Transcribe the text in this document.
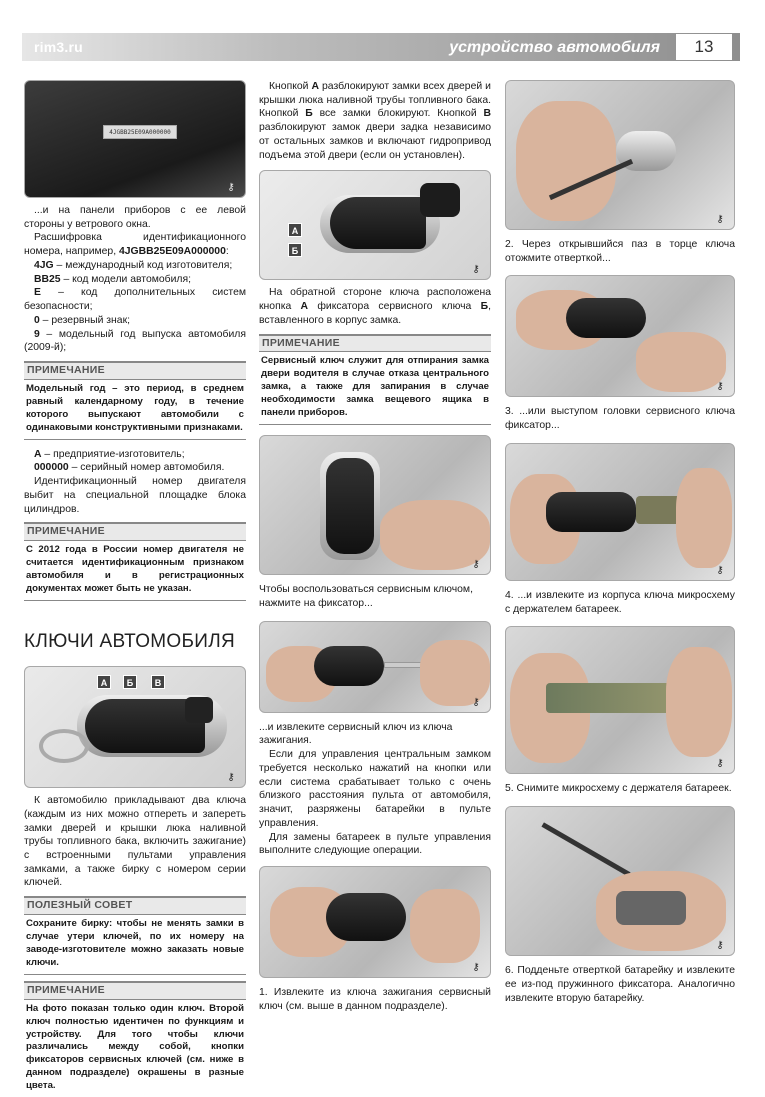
rim3.ru	устройство автомобиля	13
4JGBB25E09A000000
⚷

...и на панели приборов с ее левой стороны у ветрового окна.

Расшифровка идентификационного номера, например, 4JGBB25E09A000000:

4JG – международный код изготовителя;

BB25 – код модели автомобиля;

E – код дополнительных систем безопасности;

0 – резервный знак;

9 – модельный год выпуска автомобиля (2009-й);

ПРИМЕЧАНИЕ
Модельный год – это период, в среднем равный календарному году, в течение которого выпускают автомобили с одинаковыми конструктивными признаками.

A – предприятие-изготовитель;

000000 – серийный номер автомобиля.

Идентификационный номер двигателя выбит на специальной площадке блока цилиндров.

ПРИМЕЧАНИЕ
С 2012 года в России номер двигателя не считается идентификационным признаком автомобиля и в регистрационных документах может быть не указан.
КЛЮЧИ АВТОМОБИЛЯ
А	Б	В
⚷

К автомобилю прикладывают два ключа (каждым из них можно отпереть и запереть замки дверей и крышки люка наливной трубы топливного бака, включить зажигание) с встроенными пультами управления замками, а также бирку с номером серии ключей.

ПОЛЕЗНЫЙ СОВЕТ
Сохраните бирку: чтобы не менять замки в случае утери ключей, по их номеру на заводе-изготовителе можно заказать новые ключи.
ПРИМЕЧАНИЕ
На фото показан только один ключ. Второй ключ полностью идентичен по функциям и устройству. Для того чтобы ключи различались между собой, кнопки фиксаторов сервисных ключей (см. ниже в данном подразделе) окрашены в разные цвета.

Кнопкой А разблокируют замки всех дверей и крышки люка наливной трубы топливного бака. Кнопкой Б все замки блокируют. Кнопкой В разблокируют замок двери задка независимо от остальных замков и включают гидропривод подъема этой двери (если он установлен).

А
Б
⚷

На обратной стороне ключа расположена кнопка А фиксатора сервисного ключа Б, вставленного в корпус замка.

ПРИМЕЧАНИЕ
Сервисный ключ служит для отпирания замка двери водителя в случае отказа центрального замка, а также для запирания в случае необходимости замка вещевого ящика в панели приборов.
⚷

Чтобы воспользоваться сервисным ключом, нажмите на фиксатор...

⚷

...и извлеките сервисный ключ из ключа зажигания.

Если для управления центральным замком требуется несколько нажатий на кнопки или если система срабатывает только с очень близкого расстояния пульта от автомобиля, значит, разряжены батарейки в пульте управления.

Для замены батареек в пульте управления выполните следующие операции.

⚷

1. Извлеките из ключа зажигания сервисный ключ (см. выше в данном подразделе).

⚷

2. Через открывшийся паз в торце ключа отожмите отверткой...

⚷

3. ...или выступом головки сервисного ключа фиксатор...

⚷

4. ...и извлеките из корпуса ключа микросхему с держателем батареек.

⚷

5. Снимите микросхему с держателя батареек.

⚷

6. Подденьте отверткой батарейку и извлеките ее из-под пружинного фиксатора. Аналогично извлеките вторую батарейку.
